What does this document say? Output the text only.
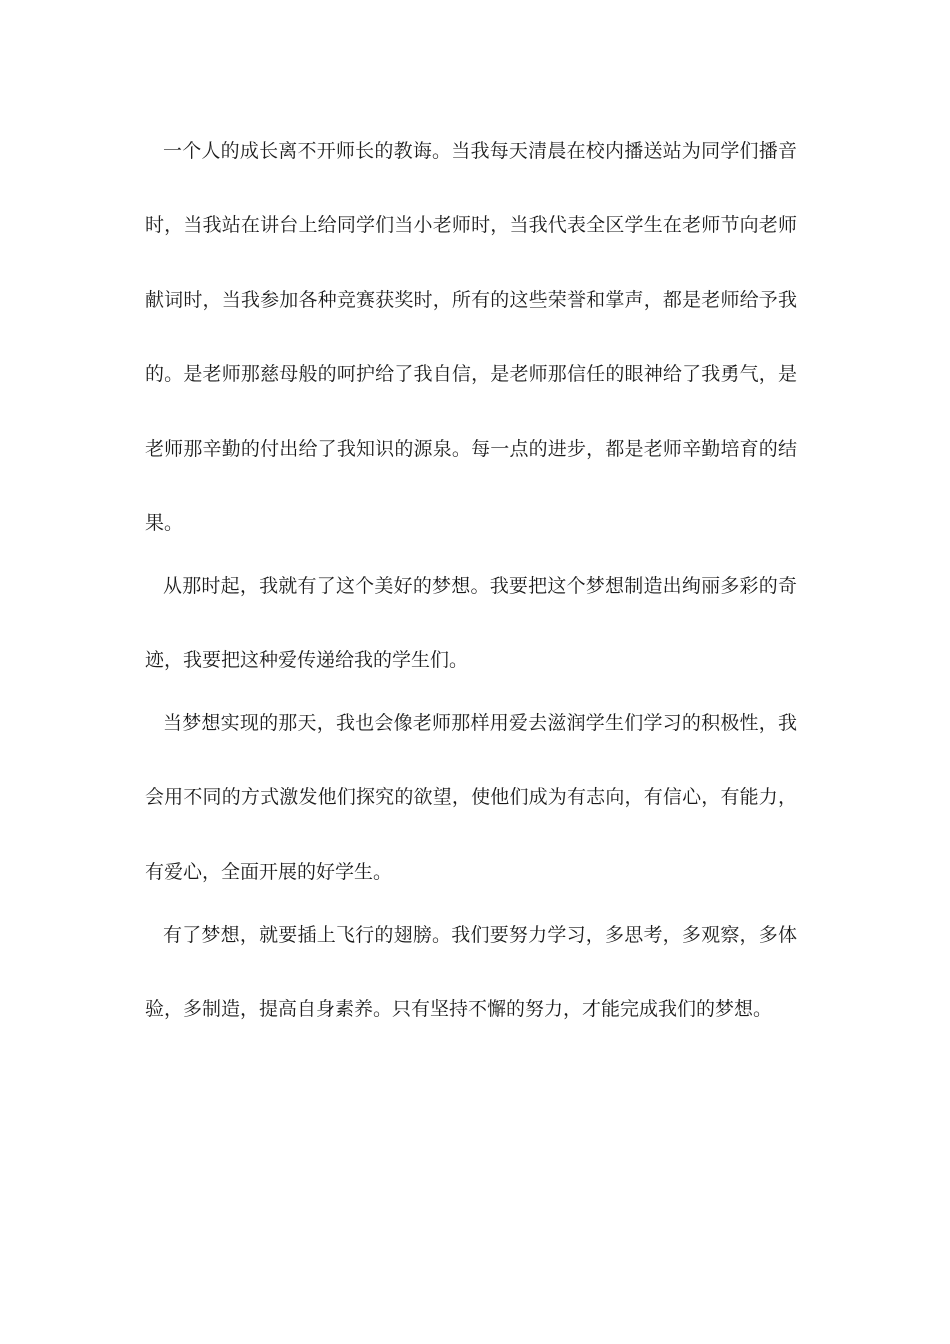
一个人的成长离不开师长的教诲。当我每天清晨在校内播送站为同学们播音
时，当我站在讲台上给同学们当小老师时，当我代表全区学生在老师节向老师
献词时，当我参加各种竞赛获奖时，所有的这些荣誉和掌声，都是老师给予我
的。是老师那慈母般的呵护给了我自信，是老师那信任的眼神给了我勇气，是
老师那辛勤的付出给了我知识的源泉。每一点的进步，都是老师辛勤培育的结
果。
从那时起，我就有了这个美好的梦想。我要把这个梦想制造出绚丽多彩的奇
迹，我要把这种爱传递给我的学生们。
当梦想实现的那天，我也会像老师那样用爱去滋润学生们学习的积极性，我
会用不同的方式激发他们探究的欲望，使他们成为有志向，有信心，有能力，
有爱心，全面开展的好学生。
有了梦想，就要插上飞行的翅膀。我们要努力学习，多思考，多观察，多体
验，多制造，提高自身素养。只有坚持不懈的努力，才能完成我们的梦想。
